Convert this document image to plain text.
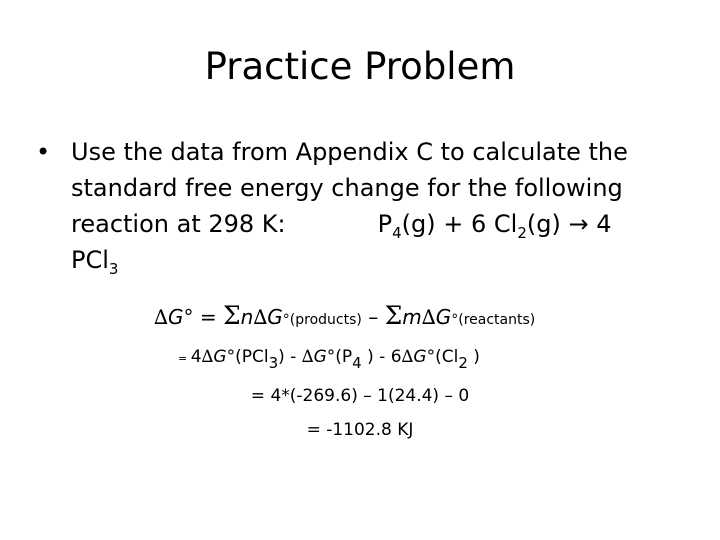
Practice Problem
• Use the data from Appendix C to calculate the
standard free energy change for the following
reaction at 298 K:	$P_4(g) + 6$ $Cl_2(g) \to 4$
PCl$_3$
∆G° = Σn∆G°(products) – Σm∆G°(reactants)
= $4\Delta G^\circ(PCl_3) - \Delta G^\circ(P_4$ ) - $6\Delta G^\circ(Cl_2$ )
= 4*(-269.6) – 1(24.4) – 0
= -1102.8 KJ
